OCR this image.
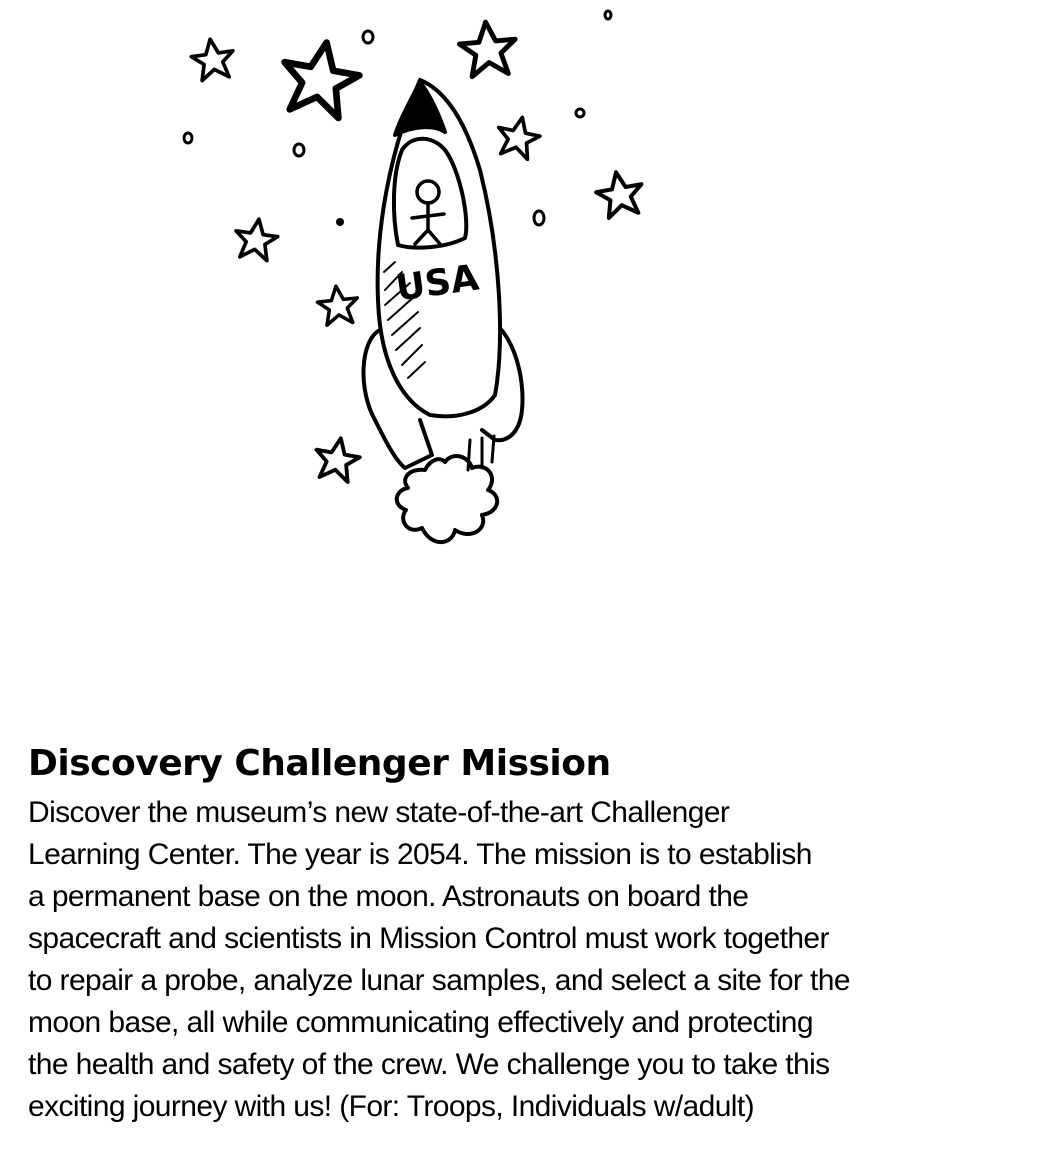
USA
Discovery Challenger Mission

Discover the museum’s new state-of-the-art Challenger
Learning Center. The year is 2054. The mission is to establish
a permanent base on the moon. Astronauts on board the
spacecraft and scientists in Mission Control must work together
to repair a probe, analyze lunar samples, and select a site for the
moon base, all while communicating effectively and protecting
the health and safety of the crew. We challenge you to take this
exciting journey with us! (For: Troops, Individuals w/adult)
